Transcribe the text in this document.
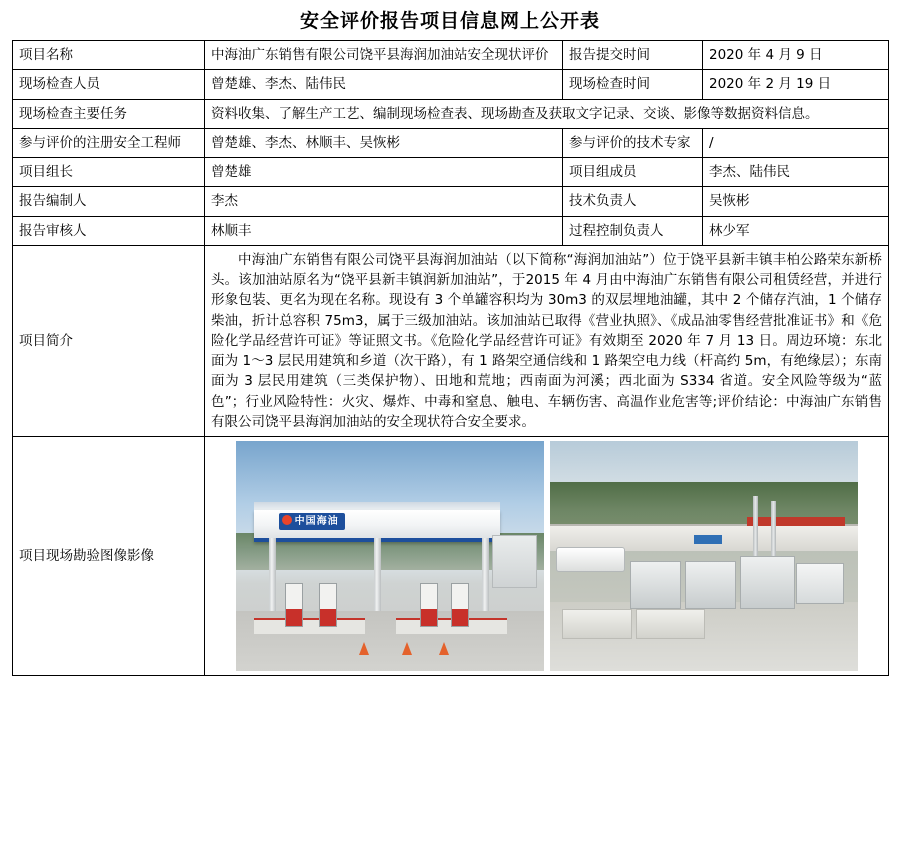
安全评价报告项目信息网上公开表
项目名称	中海油广东销售有限公司饶平县海润加油站安全现状评价	报告提交时间	2020 年 4 月 9 日
现场检查人员	曾楚雄、李杰、陆伟民	现场检查时间	2020 年 2 月 19 日
现场检查主要任务	资料收集、了解生产工艺、编制现场检查表、现场勘查及获取文字记录、交谈、影像等数据资料信息。		
参与评价的注册安全工程师	曾楚雄、李杰、林顺丰、吴恢彬	参与评价的技术专家	/
项目组长	曾楚雄	项目组成员	李杰、陆伟民
报告编制人	李杰	技术负责人	吴恢彬
报告审核人	林顺丰	过程控制负责人	林少军
项目简介	中海油广东销售有限公司饶平县海润加油站（以下简称“海润加油站”）位于饶平县新丰镇丰柏公路荣东新桥头。该加油站原名为“饶平县新丰镇润新加油站”，于2015 年 4 月由中海油广东销售有限公司租赁经营，并进行形象包装、更名为现在名称。现设有 3 个单罐容积均为 30m3 的双层埋地油罐，其中 2 个储存汽油，1 个储存柴油，折计总容积 75m3，属于三级加油站。该加油站已取得《营业执照》、《成品油零售经营批准证书》和《危险化学品经营许可证》等证照文书。《危险化学品经营许可证》有效期至 2020 年 7 月 13 日。周边环境：东北面为 1～3 层民用建筑和乡道（次干路），有 1 路架空通信线和 1 路架空电力线（杆高约 5m，有绝缘层）；东南面为 3 层民用建筑（三类保护物）、田地和荒地；西南面为河溪；西北面为 S334 省道。安全风险等级为“蓝色”；行业风险特性：火灾、爆炸、中毒和窒息、触电、车辆伤害、高温作业危害等;评价结论：中海油广东销售有限公司饶平县海润加油站的安全现状符合安全要求。		

项目现场勘验图像影像	中国海油		
